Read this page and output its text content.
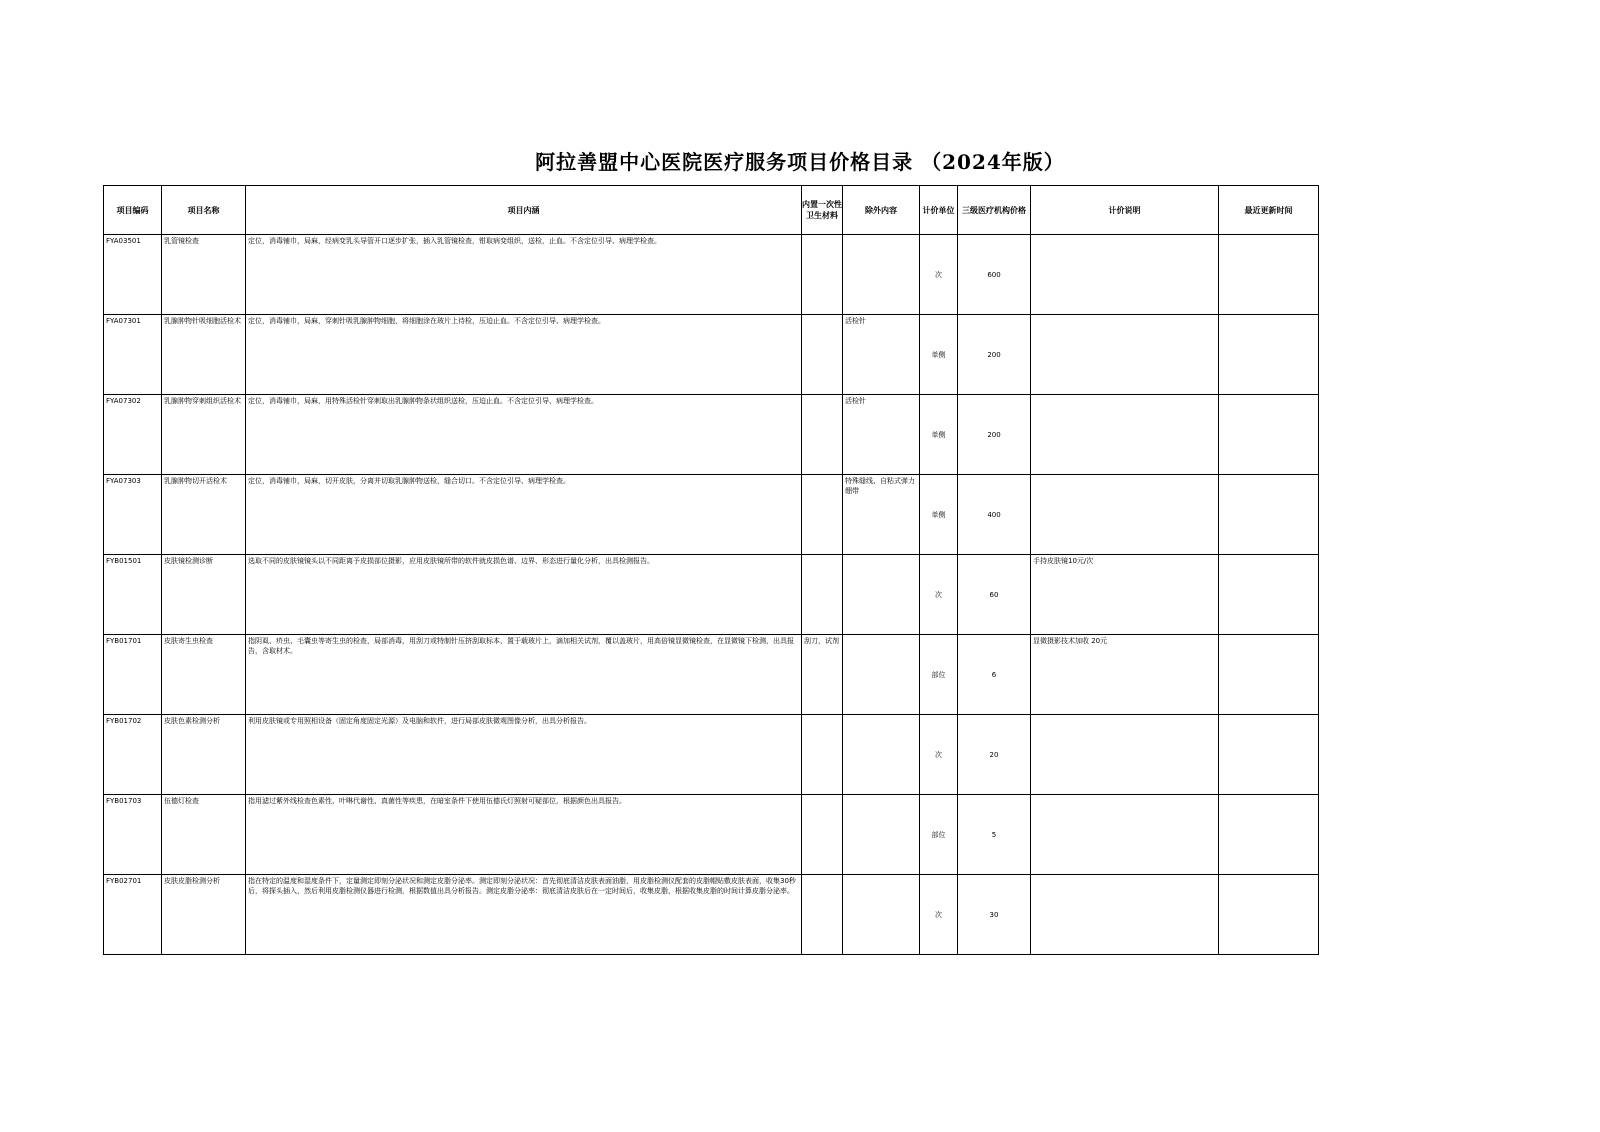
阿拉善盟中心医院医疗服务项目价格目录 （2024年版）
项目编码	项目名称	项目内涵	内置一次性卫生材料	除外内容	计价单位	三级医疗机构价格	计价说明	最近更新时间
FYA03501	乳管镜检查	定位，消毒铺巾，局麻，经病变乳头导管开口逐步扩张，插入乳管镜检查，钳取病变组织，送检，止血。不含定位引导、病理学检查。			次	600		
FYA07301	乳腺肿物针吸细胞活检术	定位，消毒铺巾，局麻，穿刺针吸乳腺肿物细胞，将细胞涂在玻片上待检，压迫止血。不含定位引导、病理学检查。		活检针	单侧	200		
FYA07302	乳腺肿物穿刺组织活检术	定位，消毒铺巾，局麻，用特殊活检针穿刺取出乳腺肿物条状组织送检，压迫止血。不含定位引导、病理学检查。		活检针	单侧	200		
FYA07303	乳腺肿物切开活检术	定位，消毒铺巾，局麻，切开皮肤，分离并切取乳腺肿物送检，缝合切口。不含定位引导、病理学检查。		特殊缝线、自粘式弹力绷带	单侧	400		
FYB01501	皮肤镜检测诊断	选取不同的皮肤镜镜头以不同距离予皮损部位摄影，应用皮肤镜所带的软件就皮损色谱、边界、形态进行量化分析，出具检测报告。			次	60	手持皮肤镜10元/次	
FYB01701	皮肤寄生虫检查	指阴虱、疥虫、毛囊虫等寄生虫的检查，局部消毒，用刮刀或特制针压挤刮取标本，置于载玻片上，滴加相关试剂，覆以盖玻片，用高倍镜显微镜检查，在显微镜下检测，出具报告，含取材术。	刮刀，试剂		部位	6	显微摄影技术加收 20元	
FYB01702	皮肤色素检测分析	利用皮肤镜或专用照相设备（固定角度固定光源）及电脑和软件，进行局部皮肤微观图像分析，出具分析报告。			次	20		
FYB01703	伍德灯检查	指用滤过紫外线检查色素性、叶啉代谢性、真菌性等疾患，在暗室条件下使用伍德氏灯照射可疑部位，根据颜色出具报告。			部位	5		
FYB02701	皮肤皮脂检测分析	指在特定的温度和湿度条件下，定量测定即刻分泌状况和测定皮脂分泌率。测定即刻分泌状况：首先彻底清洁皮肤表面油脂，用皮脂检测仪配套的皮脂帽贴敷皮肤表面，收集30秒后，将探头插入，然后利用皮脂检测仪器进行检测，根据数值出具分析报告。测定皮脂分泌率：彻底清洁皮肤后在一定时间后，收集皮脂，根据收集皮脂的时间计算皮脂分泌率。			次	30		
